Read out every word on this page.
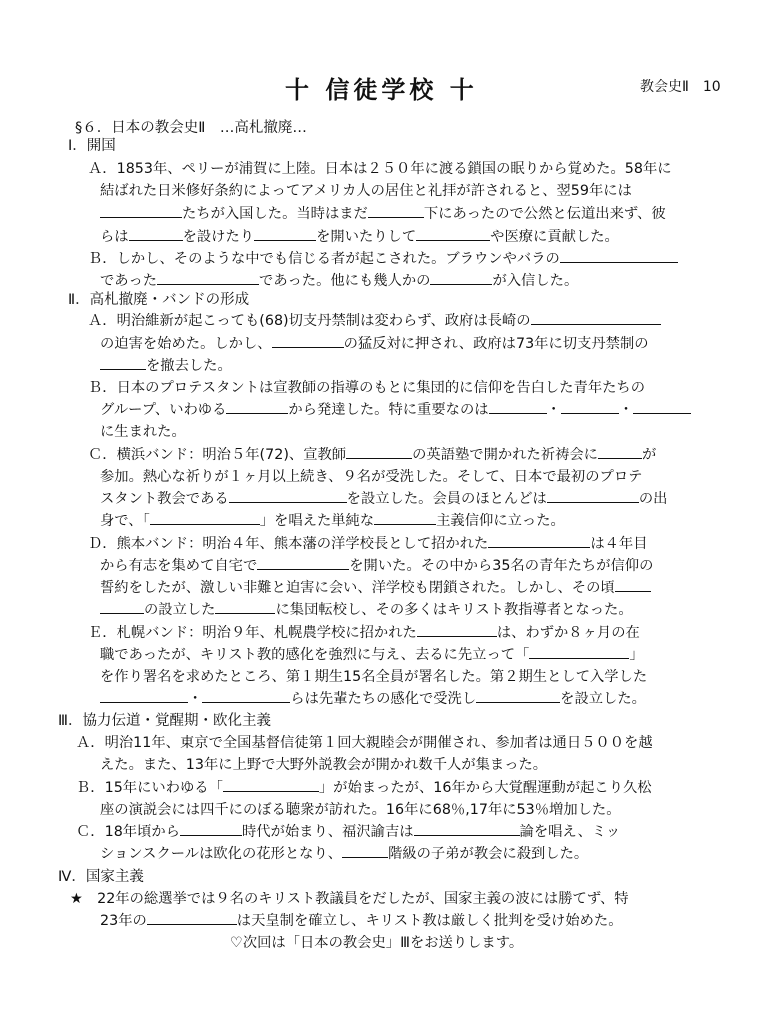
十 信徒学校 十	教会史Ⅱ　10
§６．日本の教会史Ⅱ　…高札撤廃…
Ⅰ．開国
Ａ．1853年、ペリーが浦賀に上陸。日本は２５０年に渡る鎖国の眠りから覚めた。58年に
結ばれた日米修好条約によってアメリカ人の居住と礼拝が許されると、翌59年には
たちが入国した。当時はまだ	下にあったので公然と伝道出来ず、彼
らは	を設けたり	を開いたりして	や医療に貢献した。
Ｂ．しかし、そのような中でも信じる者が起こされた。ブラウンやバラの
であった	であった。他にも幾人かの	が入信した。
Ⅱ．高札撤廃・バンドの形成
Ａ．明治維新が起こっても(68)切支丹禁制は変わらず、政府は長崎の
の迫害を始めた。しかし、	の猛反対に押され、政府は73年に切支丹禁制の
を撤去した。
Ｂ．日本のプロテスタントは宣教師の指導のもとに集団的に信仰を告白した青年たちの
グループ、いわゆる	から発達した。特に重要なのは	・	・
に生まれた。
Ｃ．横浜バンド：明治５年(72)、宣教師	の英語塾で開かれた祈祷会に	が
参加。熱心な祈りが１ヶ月以上続き、９名が受洗した。そして、日本で最初のプロテ
スタント教会である	を設立した。会員のほとんどは	の出
身で、「	」を唱えた単純な	主義信仰に立った。
Ｄ．熊本バンド：明治４年、熊本藩の洋学校長として招かれた	は４年目
から有志を集めて自宅で	を開いた。その中から35名の青年たちが信仰の
誓約をしたが、激しい非難と迫害に会い、洋学校も閉鎖された。しかし、その頃
の設立した	に集団転校し、その多くはキリスト教指導者となった。
Ｅ．札幌バンド：明治９年、札幌農学校に招かれた	は、わずか８ヶ月の在
職であったが、キリスト教的感化を強烈に与え、去るに先立って「	」
を作り署名を求めたところ、第１期生15名全員が署名した。第２期生として入学した
・	らは先輩たちの感化で受洗し	を設立した。
Ⅲ．協力伝道・覚醒期・欧化主義
Ａ．明治11年、東京で全国基督信徒第１回大親睦会が開催され、参加者は通日５００を越
えた。また、13年に上野で大野外説教会が開かれ数千人が集まった。
Ｂ．15年にいわゆる「	」が始まったが、16年から大覚醒運動が起こり久松
座の演説会には四千にのぼる聴衆が訪れた。16年に68％,17年に53％増加した。
Ｃ．18年頃から	時代が始まり、福沢諭吉は	論を唱え、ミッ
ションスクールは欧化の花形となり、	階級の子弟が教会に殺到した。
Ⅳ．国家主義
★　22年の総選挙では９名のキリスト教議員をだしたが、国家主義の波には勝てず、特
23年の	は天皇制を確立し、キリスト教は厳しく批判を受け始めた。
♡次回は「日本の教会史」Ⅲをお送りします。
